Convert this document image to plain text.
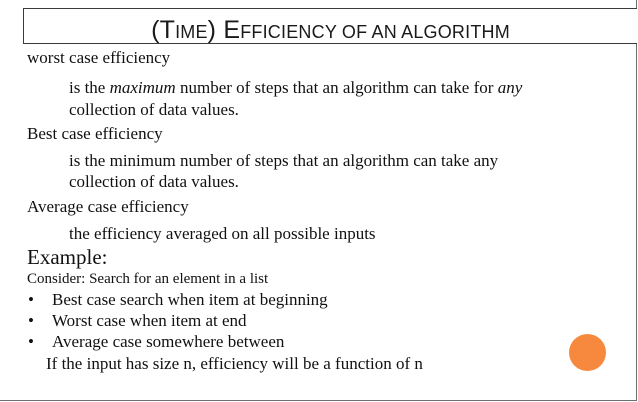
(TIME) EFFICIENCY OF AN ALGORITHM
worst case efficiency
is the maximum number of steps that an algorithm can take for any
collection of data values.
Best case efficiency
is the minimum number of steps that an algorithm can take any
collection of data values.
Average case efficiency
the efficiency averaged on all possible inputs
Example:
Consider: Search for an element in a list
• Best case search when item at beginning
• Worst case when item at end
• Average case somewhere between
If the input has size n, efficiency will be a function of n
